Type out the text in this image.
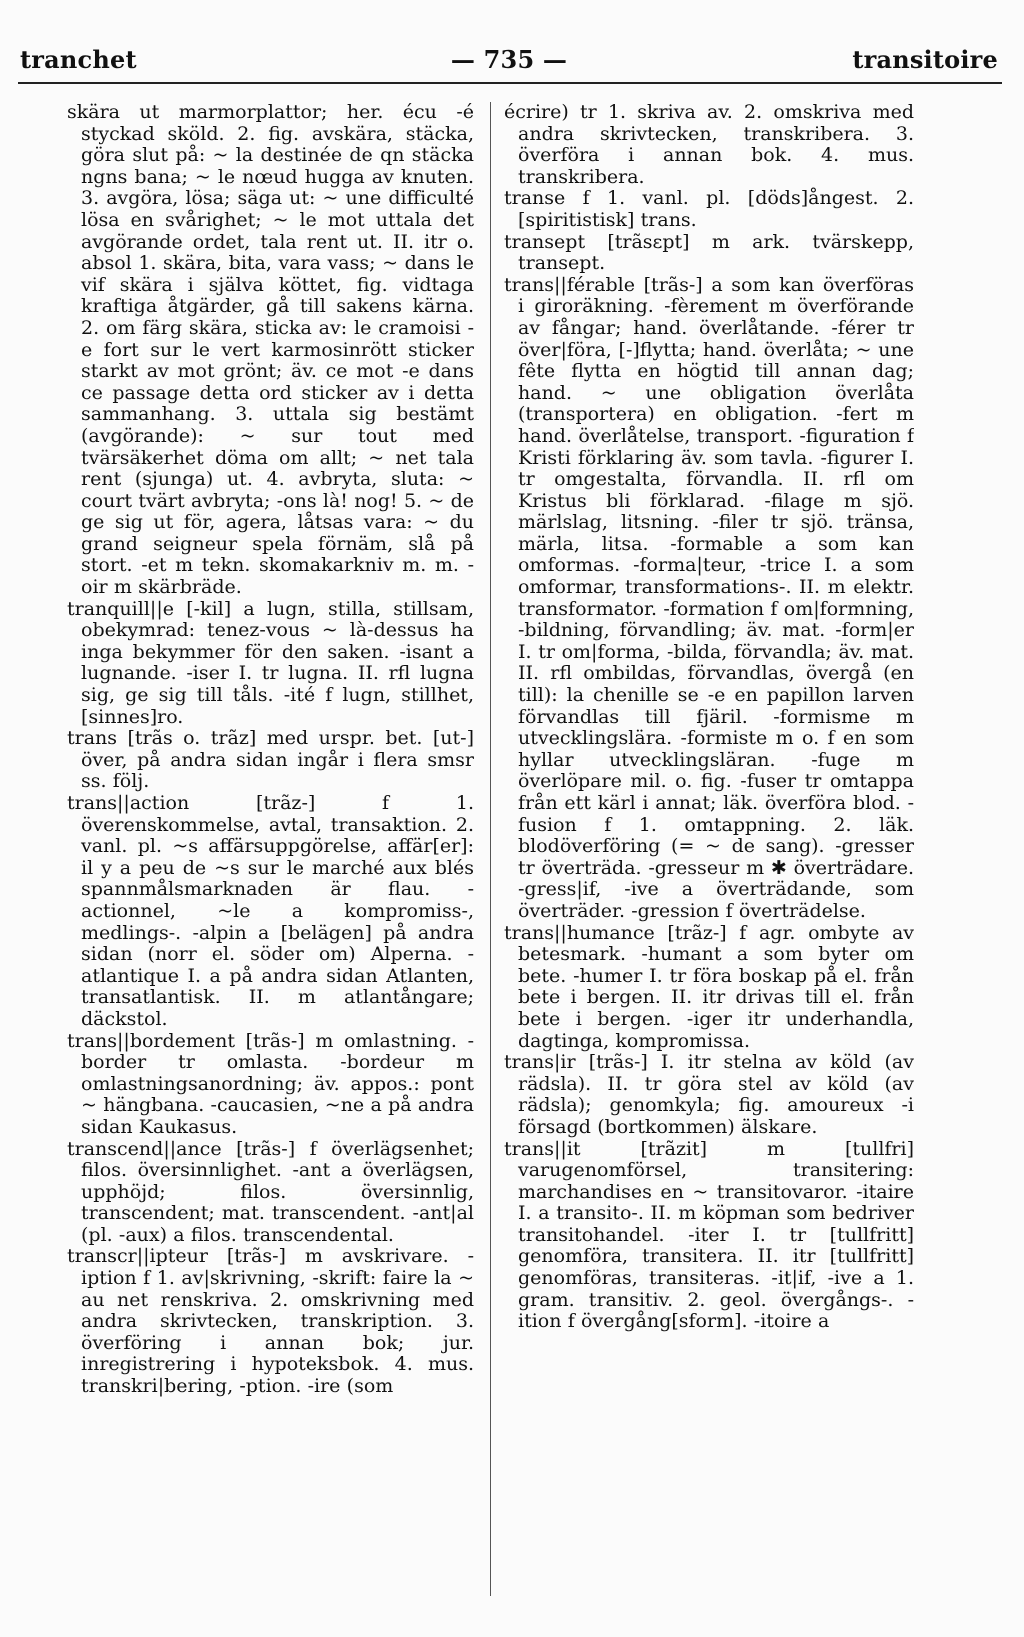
tranchet	— 735 —	transitoire

skära ut marmorplattor; her. écu -é styckad sköld. 2. fig. avskära, stäcka, göra slut på: ~ la destinée de qn stäcka ngns bana; ~ le nœud hugga av knuten. 3. avgöra, lösa; säga ut: ~ une difficulté lösa en svårighet; ~ le mot uttala det avgörande ordet, tala rent ut. II. itr o. absol 1. skära, bita, vara vass; ~ dans le vif skära i själva köttet, fig. vidtaga kraftiga åtgärder, gå till sakens kärna. 2. om färg skära, sticka av: le cramoisi -e fort sur le vert karmosinrött sticker starkt av mot grönt; äv. ce mot -e dans ce passage detta ord sticker av i detta sammanhang. 3. uttala sig bestämt (avgörande): ~ sur tout med tvärsäkerhet döma om allt; ~ net tala rent (sjunga) ut. 4. avbryta, sluta: ~ court tvärt avbryta; -ons là! nog! 5. ~ de ge sig ut för, agera, låtsas vara: ~ du grand seigneur spela förnäm, slå på stort. -et m tekn. skomakarkniv m. m. -oir m skärbräde.

tranquill||e [-kil] a lugn, stilla, stillsam, obekymrad: tenez-vous ~ là-dessus ha inga bekymmer för den saken. -isant a lugnande. -iser I. tr lugna. II. rfl lugna sig, ge sig till tåls. -ité f lugn, stillhet, [sinnes]ro.

trans [trãs o. trãz] med urspr. bet. [ut-] över, på andra sidan ingår i flera smsr ss. följ.

trans||action [trãz-] f 1. överenskommelse, avtal, transaktion. 2. vanl. pl. ~s affärsuppgörelse, affär[er]: il y a peu de ~s sur le marché aux blés spannmålsmarknaden är flau. -actionnel, ~le a kompromiss-, medlings-. -alpin a [belägen] på andra sidan (norr el. söder om) Alperna. -atlantique I. a på andra sidan Atlanten, transatlantisk. II. m atlantångare; däckstol.

trans||bordement [trãs-] m omlastning. -border tr omlasta. -bordeur m omlastningsanordning; äv. appos.: pont ~ hängbana. -caucasien, ~ne a på andra sidan Kaukasus.

transcend||ance [trãs-] f överlägsenhet; filos. översinnlighet. -ant a överlägsen, upphöjd; filos. översinnlig, transcendent; mat. transcendent. -ant|al (pl. -aux) a filos. transcendental.

transcr||ipteur [trãs-] m avskrivare. -iption f 1. av|skrivning, -skrift: faire la ~ au net renskriva. 2. omskrivning med andra skrivtecken, transkription. 3. överföring i annan bok; jur. inregistrering i hypoteksbok. 4. mus. transkri|bering, -ption. -ire (som

écrire) tr 1. skriva av. 2. omskriva med andra skrivtecken, transkribera. 3. överföra i annan bok. 4. mus. transkribera.

transe f 1. vanl. pl. [döds]ångest. 2. [spiritistisk] trans.

transept [trãsɛpt] m ark. tvärskepp, transept.

trans||férable [trãs-] a som kan överföras i giroräkning. -fèrement m överförande av fångar; hand. överlåtande. -férer tr över|föra, [-]flytta; hand. överlåta; ~ une fête flytta en högtid till annan dag; hand. ~ une obligation överlåta (transportera) en obligation. -fert m hand. överlåtelse, transport. -figuration f Kristi förklaring äv. som tavla. -figurer I. tr omgestalta, förvandla. II. rfl om Kristus bli förklarad. -filage m sjö. märlslag, litsning. -filer tr sjö. tränsa, märla, litsa. -formable a som kan omformas. -forma|teur, -trice I. a som omformar, transformations-. II. m elektr. transformator. -formation f om|formning, -bildning, förvandling; äv. mat. -form|er I. tr om|forma, -bilda, förvandla; äv. mat. II. rfl ombildas, förvandlas, övergå (en till): la chenille se -e en papillon larven förvandlas till fjäril. -formisme m utvecklingslära. -formiste m o. f en som hyllar utvecklingsläran. -fuge m överlöpare mil. o. fig. -fuser tr omtappa från ett kärl i annat; läk. överföra blod. -fusion f 1. omtappning. 2. läk. blodöverföring (= ~ de sang). -gresser tr överträda. -gresseur m ✱ överträdare. -gress|if, -ive a överträdande, som överträder. -gression f överträdelse.

trans||humance [trãz-] f agr. ombyte av betesmark. -humant a som byter om bete. -humer I. tr föra boskap på el. från bete i bergen. II. itr drivas till el. från bete i bergen. -iger itr underhandla, dagtinga, kompromissa.

trans|ir [trãs-] I. itr stelna av köld (av rädsla). II. tr göra stel av köld (av rädsla); genomkyla; fig. amoureux -i försagd (bortkommen) älskare.

trans||it [trãzit] m [tullfri] varugenomförsel, transitering: marchandises en ~ transitovaror. -itaire I. a transito-. II. m köpman som bedriver transitohandel. -iter I. tr [tullfritt] genomföra, transitera. II. itr [tullfritt] genomföras, transiteras. -it|if, -ive a 1. gram. transitiv. 2. geol. övergångs-. -ition f övergång[sform]. -itoire a
